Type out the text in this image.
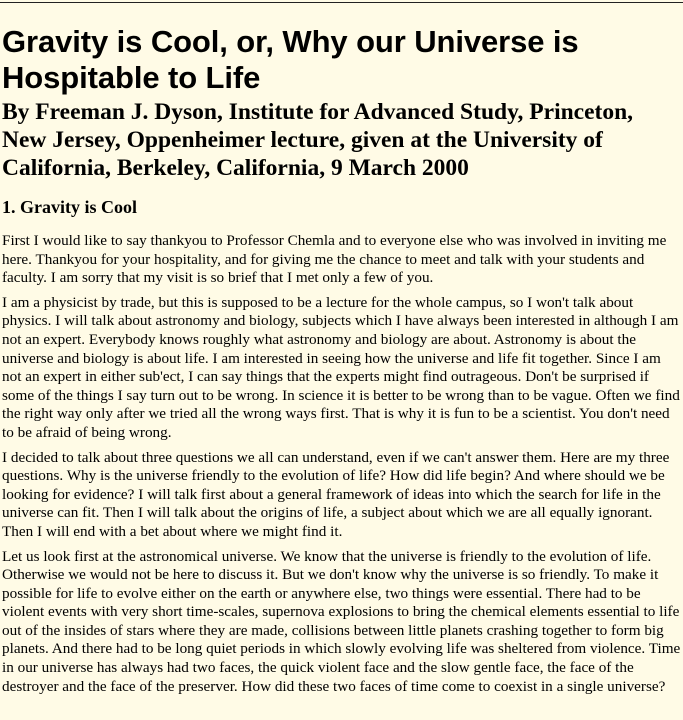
Gravity is Cool, or, Why our Universe is Hospitable to Life
By Freeman J. Dyson, Institute for Advanced Study, Princeton, New Jersey, Oppenheimer lecture, given at the University of California, Berkeley, California, 9 March 2000
1. Gravity is Cool

First I would like to say thankyou to Professor Chemla and to everyone else who was involved in inviting me here. Thankyou for your hospitality, and for giving me the chance to meet and talk with your students and faculty. I am sorry that my visit is so brief that I met only a few of you.

I am a physicist by trade, but this is supposed to be a lecture for the whole campus, so I won't talk about physics. I will talk about astronomy and biology, subjects which I have always been interested in although I am not an expert. Everybody knows roughly what astronomy and biology are about. Astronomy is about the universe and biology is about life. I am interested in seeing how the universe and life fit together. Since I am not an expert in either sub'ect, I can say things that the experts might find outrageous. Don't be surprised if some of the things I say turn out to be wrong. In science it is better to be wrong than to be vague. Often we find the right way only after we tried all the wrong ways first. That is why it is fun to be a scientist. You don't need to be afraid of being wrong.

I decided to talk about three questions we all can understand, even if we can't answer them. Here are my three questions. Why is the universe friendly to the evolution of life? How did life begin? And where should we be looking for evidence? I will talk first about a general framework of ideas into which the search for life in the universe can fit. Then I will talk about the origins of life, a subject about which we are all equally ignorant. Then I will end with a bet about where we might find it.

Let us look first at the astronomical universe. We know that the universe is friendly to the evolution of life. Otherwise we would not be here to discuss it. But we don't know why the universe is so friendly. To make it possible for life to evolve either on the earth or anywhere else, two things were essential. There had to be violent events with very short time-scales, supernova explosions to bring the chemical elements essential to life out of the insides of stars where they are made, collisions between little planets crashing together to form big planets. And there had to be long quiet periods in which slowly evolving life was sheltered from violence. Time in our universe has always had two faces, the quick violent face and the slow gentle face, the face of the destroyer and the face of the preserver. How did these two faces of time come to coexist in a single universe?
